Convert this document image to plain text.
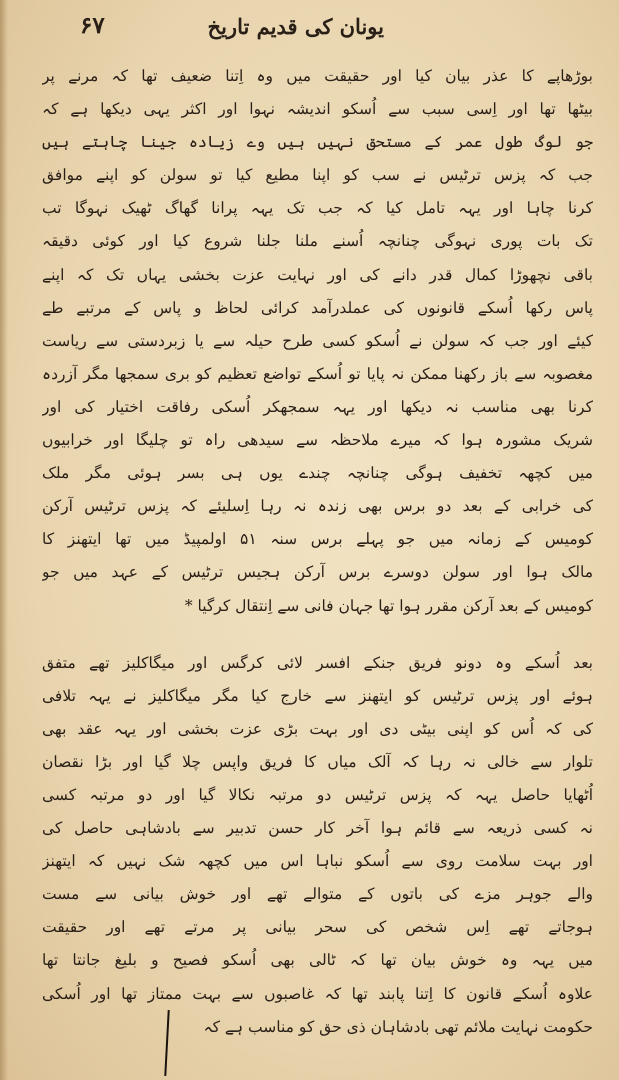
یونان کی قدیم تاریخ
۶۷
بوڑھاپے کا عذر بیان کیا اور حقیقت میں وہ اِتنا ضعیف تھا کہ مرنے پر
بیٹھا تھا اور اِسی سبب سے اُسکو اندیشہ نہوا اور اکثر یہی دیکھا ہے کہ
جو لوگ طول عمر کے مستحق نہیں ہیں وے زیادہ جینا چاہتے ہیں
جب کہ پزس ترٹیس نے سب کو اپنا مطیع کیا تو سولن کو اپنے موافق
کرنا چاہا اور یہہ تامل کیا کہ جب تک یہہ پرانا گھاگ ٹھیک نہوگا تب
تک بات پوری نہوگی چنانچہ اُسنے ملنا جلنا شروع کیا اور کوئی دقیقہ
باقی نچھوڑا کمال قدر دانے کی اور نہایت عزت بخشی یہاں تک کہ اپنے
پاس رکھا اُسکے قانونوں کی عملدرآمد کرائی لحاظ و پاس کے مرتبے طے
کیئے اور جب کہ سولن نے اُسکو کسی طرح حیلہ سے یا زبردستی سے ریاست
مغصوبہ سے باز رکھنا ممکن نہ پایا تو اُسکے تواضع تعظیم کو بری سمجھا مگر آزردہ
کرنا بھی مناسب نہ دیکھا اور یہہ سمجھکر اُسکی رفاقت اختیار کی اور
شریک مشورہ ہوا کہ میرے ملاحظہ سے سیدھی راہ تو چلیگا اور خرابیوں
میں کچھہ تخفیف ہوگی چنانچہ چندے یوں ہی بسر ہوئی مگر ملک
کی خرابی کے بعد دو برس بھی زندہ نہ رہا اِسلیئے کہ پزس ترٹیس آرکن
کومیس کے زمانہ میں جو پہلے برس سنہ ۵۱ اولمپیڈ میں تھا ایتھنز کا
مالک ہوا اور سولن دوسرے برس آرکن ہجیس ترٹیس کے عہد میں جو
کومیس کے بعد آرکن مقرر ہوا تھا جہان فانی سے اِنتقال کرگیا *
بعد اُسکے وہ دونو فریق جنکے افسر لائی کرگس اور میگاکلیز تھے متفق
ہوئے اور پزس ترٹیس کو ایتھنز سے خارج کیا مگر میگاکلیز نے یہہ تلافی
کی کہ اُس کو اپنی بیٹی دی اور بہت بڑی عزت بخشی اور یہہ عقد بھی
تلوار سے خالی نہ رہا کہ آلک میاں کا فریق واپس چلا گیا اور بڑا نقصان
اُٹھایا حاصل یہہ کہ پزس ترٹیس دو مرتبہ نکالا گیا اور دو مرتبہ کسی
نہ کسی ذریعہ سے قائم ہوا آخر کار حسن تدبیر سے بادشاہی حاصل کی
اور بہت سلامت روی سے اُسکو نباہا اس میں کچھہ شک نہیں کہ ایتھنز
والے جوہر مزے کی باتوں کے متوالے تھے اور خوش بیانی سے مست
ہوجاتے تھے اِس شخص کی سحر بیانی پر مرتے تھے اور حقیقت
میں یہہ وہ خوش بیان تھا کہ ٹالی بھی اُسکو فصیح و بلیغ جانتا تھا
علاوہ اُسکے قانون کا اِتنا پابند تھا کہ غاصبوں سے بہت ممتاز تھا اور اُسکی
حکومت نہایت ملائم تھی بادشاہان ذی حق کو مناسب ہے کہ
